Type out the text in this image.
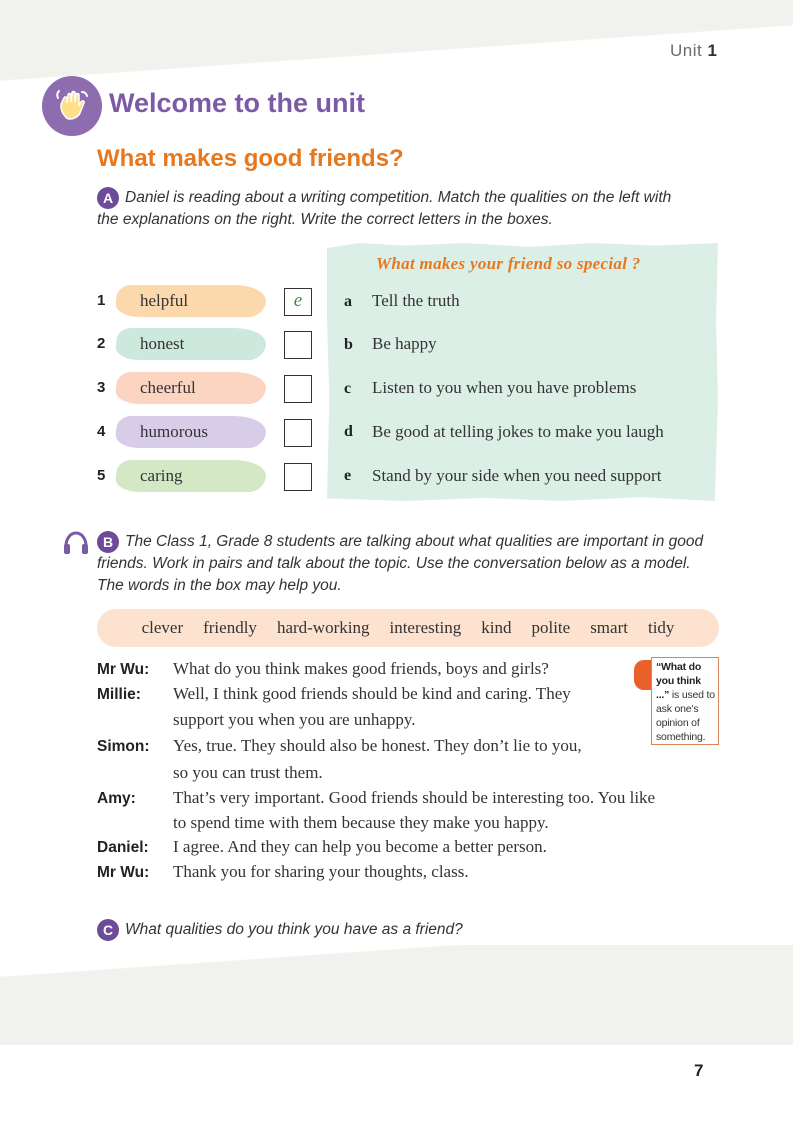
Unit 1
Welcome to the unit
What makes good friends?
A Daniel is reading about a writing competition. Match the qualities on the left with
the explanations on the right. Write the correct letters in the boxes.
What makes your friend so special ?
1 helpful	e
2 honest
3 cheerful
4 humorous
5 caring
a Tell the truth
b Be happy
c Listen to you when you have problems
d Be good at telling jokes to make you laugh
e Stand by your side when you need support
B The Class 1, Grade 8 students are talking about what qualities are important in good
friends. Work in pairs and talk about the topic. Use the conversation below as a model.
The words in the box may help you.
clever friendly hard-working interesting kind polite smart tidy
Mr Wu: What do you think makes good friends, boys and girls?
Millie: Well, I think good friends should be kind and caring. They
support you when you are unhappy.
Simon: Yes, true. They should also be honest. They don’t lie to you,
so you can trust them.
Amy: That’s very important. Good friends should be interesting too. You like
to spend time with them because they make you happy.
Daniel: I agree. And they can help you become a better person.
Mr Wu: Thank you for sharing your thoughts, class.
“What do you think ...” is used to ask one’s opinion of something.
C What qualities do you think you have as a friend?
7
